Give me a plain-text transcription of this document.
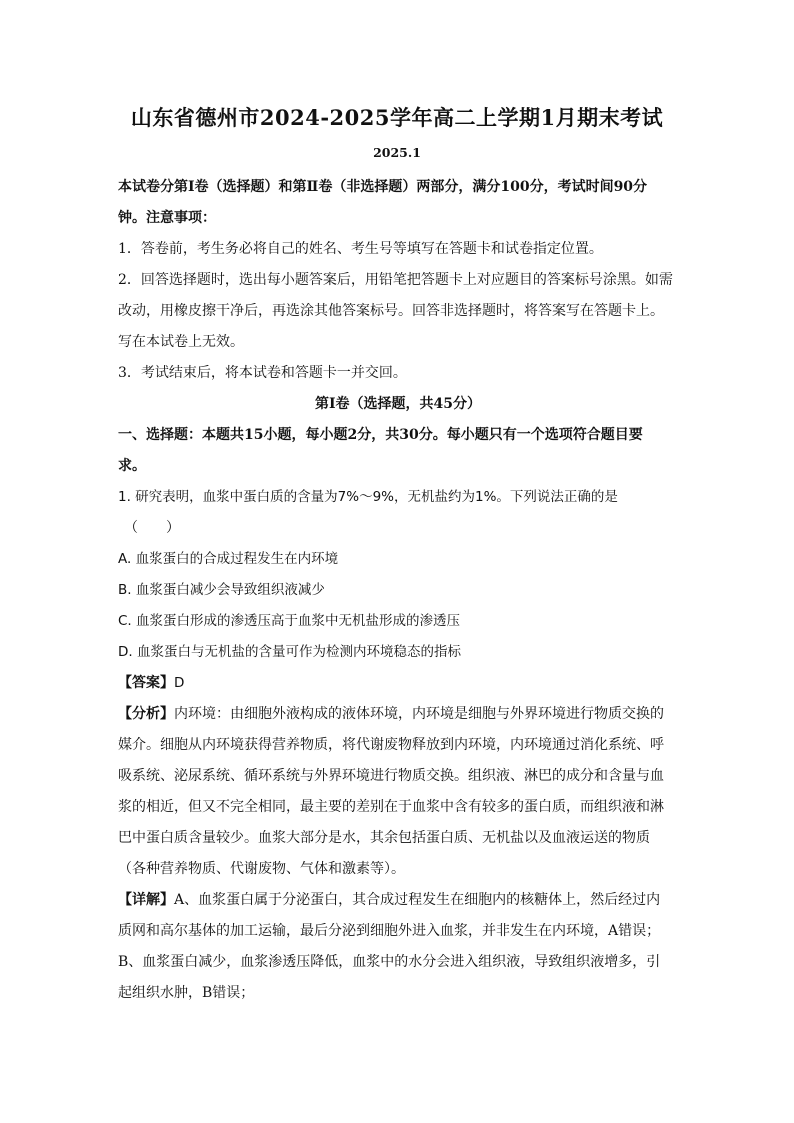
山东省德州市2024-2025学年高二上学期1月期末考试
2025.1
本试卷分第Ⅰ卷（选择题）和第Ⅱ卷（非选择题）两部分，满分100分，考试时间90分
钟。注意事项：
1．答卷前，考生务必将自己的姓名、考生号等填写在答题卡和试卷指定位置。
2．回答选择题时，选出每小题答案后，用铅笔把答题卡上对应题目的答案标号涂黑。如需
改动，用橡皮擦干净后，再选涂其他答案标号。回答非选择题时，将答案写在答题卡上。
写在本试卷上无效。
3．考试结束后，将本试卷和答题卡一并交回。
第Ⅰ卷（选择题，共45分）
一、选择题：本题共15小题，每小题2分，共30分。每小题只有一个选项符合题目要
求。
1. 研究表明，血浆中蛋白质的含量为7%～9%，无机盐约为1%。下列说法正确的是
（　　）
A. 血浆蛋白的合成过程发生在内环境
B. 血浆蛋白减少会导致组织液减少
C. 血浆蛋白形成的渗透压高于血浆中无机盐形成的渗透压
D. 血浆蛋白与无机盐的含量可作为检测内环境稳态的指标
【答案】D
【分析】内环境：由细胞外液构成的液体环境，内环境是细胞与外界环境进行物质交换的
媒介。细胞从内环境获得营养物质，将代谢废物释放到内环境，内环境通过消化系统、呼
吸系统、泌尿系统、循环系统与外界环境进行物质交换。组织液、淋巴的成分和含量与血
浆的相近，但又不完全相同，最主要的差别在于血浆中含有较多的蛋白质，而组织液和淋
巴中蛋白质含量较少。血浆大部分是水，其余包括蛋白质、无机盐以及血液运送的物质
（各种营养物质、代谢废物、气体和激素等）。
【详解】A、血浆蛋白属于分泌蛋白，其合成过程发生在细胞内的核糖体上，然后经过内
质网和高尔基体的加工运输，最后分泌到细胞外进入血浆，并非发生在内环境，A错误；
B、血浆蛋白减少，血浆渗透压降低，血浆中的水分会进入组织液，导致组织液增多，引
起组织水肿，B错误；
